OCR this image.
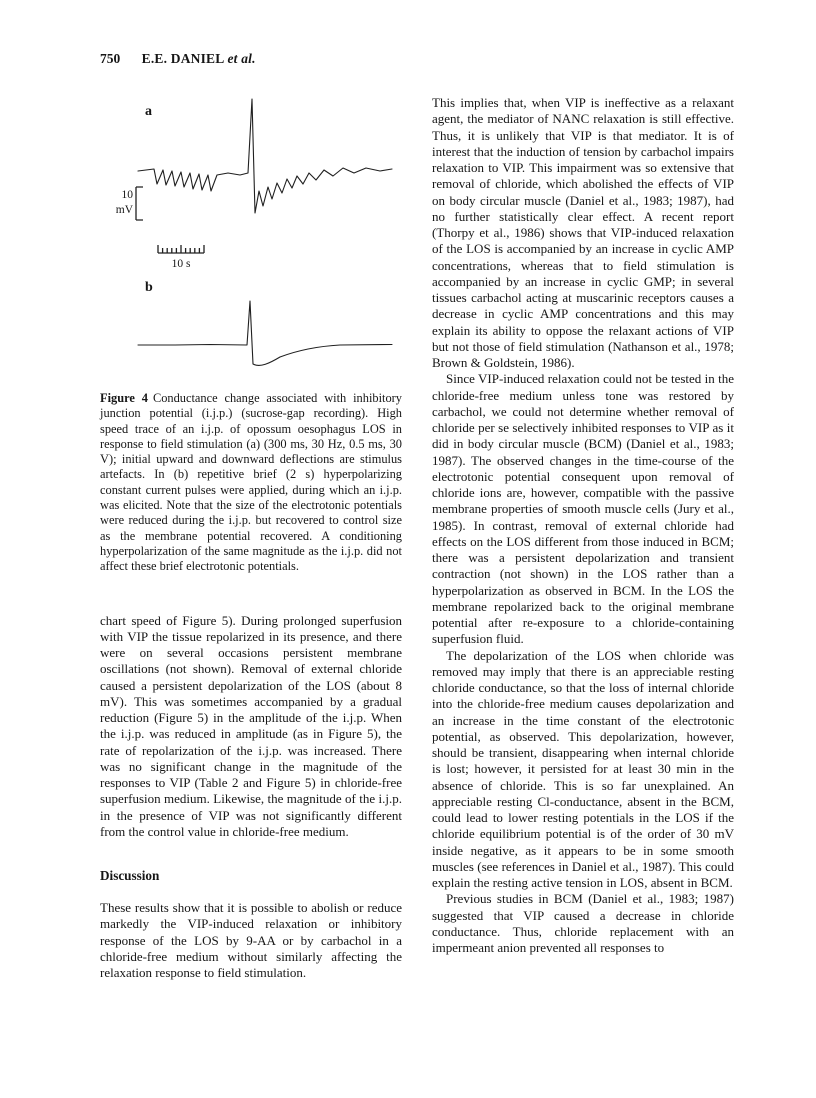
750 E.E. DANIEL et al.
a
10
mV
10 s
b

Figure 4 Conductance change associated with inhibitory junction potential (i.j.p.) (sucrose-gap recording). High speed trace of an i.j.p. of opossum oesophagus LOS in response to field stimulation (a) (300 ms, 30 Hz, 0.5 ms, 30 V); initial upward and downward deflections are stimulus artefacts. In (b) repetitive brief (2 s) hyperpolarizing constant current pulses were applied, during which an i.j.p. was elicited. Note that the size of the electrotonic potentials were reduced during the i.j.p. but recovered to control size as the membrane potential recovered. A conditioning hyperpolarization of the same magnitude as the i.j.p. did not affect these brief electrotonic potentials.

chart speed of Figure 5). During prolonged superfusion with VIP the tissue repolarized in its presence, and there were on several occasions persistent membrane oscillations (not shown). Removal of external chloride caused a persistent depolarization of the LOS (about 8 mV). This was sometimes accompanied by a gradual reduction (Figure 5) in the amplitude of the i.j.p. When the i.j.p. was reduced in amplitude (as in Figure 5), the rate of repolarization of the i.j.p. was increased. There was no significant change in the magnitude of the responses to VIP (Table 2 and Figure 5) in chloride-free superfusion medium. Likewise, the magnitude of the i.j.p. in the presence of VIP was not significantly different from the control value in chloride-free medium.

Discussion

These results show that it is possible to abolish or reduce markedly the VIP-induced relaxation or inhibitory response of the LOS by 9-AA or by carbachol in a chloride-free medium without similarly affecting the relaxation response to field stimulation.

This implies that, when VIP is ineffective as a relaxant agent, the mediator of NANC relaxation is still effective. Thus, it is unlikely that VIP is that mediator. It is of interest that the induction of tension by carbachol impairs relaxation to VIP. This impairment was so extensive that removal of chloride, which abolished the effects of VIP on body circular muscle (Daniel et al., 1983; 1987), had no further statistically clear effect. A recent report (Thorpy et al., 1986) shows that VIP-induced relaxation of the LOS is accompanied by an increase in cyclic AMP concentrations, whereas that to field stimulation is accompanied by an increase in cyclic GMP; in several tissues carbachol acting at muscarinic receptors causes a decrease in cyclic AMP concentrations and this may explain its ability to oppose the relaxant actions of VIP but not those of field stimulation (Nathanson et al., 1978; Brown & Goldstein, 1986).

Since VIP-induced relaxation could not be tested in the chloride-free medium unless tone was restored by carbachol, we could not determine whether removal of chloride per se selectively inhibited responses to VIP as it did in body circular muscle (BCM) (Daniel et al., 1983; 1987). The observed changes in the time-course of the electrotonic potential consequent upon removal of chloride ions are, however, compatible with the passive membrane properties of smooth muscle cells (Jury et al., 1985). In contrast, removal of external chloride had effects on the LOS different from those induced in BCM; there was a persistent depolarization and transient contraction (not shown) in the LOS rather than a hyperpolarization as observed in BCM. In the LOS the membrane repolarized back to the original membrane potential after re-exposure to a chloride-containing superfusion fluid.

The depolarization of the LOS when chloride was removed may imply that there is an appreciable resting chloride conductance, so that the loss of internal chloride into the chloride-free medium causes depolarization and an increase in the time constant of the electrotonic potential, as observed. This depolarization, however, should be transient, disappearing when internal chloride is lost; however, it persisted for at least 30 min in the absence of chloride. This is so far unexplained. An appreciable resting Cl-conductance, absent in the BCM, could lead to lower resting potentials in the LOS if the chloride equilibrium potential is of the order of 30 mV inside negative, as it appears to be in some smooth muscles (see references in Daniel et al., 1987). This could explain the resting active tension in LOS, absent in BCM.

Previous studies in BCM (Daniel et al., 1983; 1987) suggested that VIP caused a decrease in chloride conductance. Thus, chloride replacement with an impermeant anion prevented all responses to
